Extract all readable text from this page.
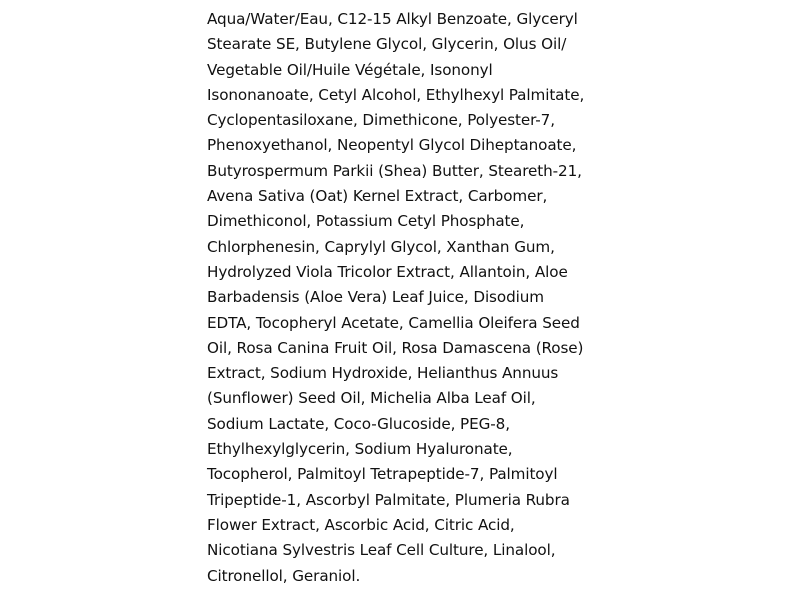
Aqua/Water/Eau, C12-15 Alkyl Benzoate, Glyceryl
Stearate SE, Butylene Glycol, Glycerin, Olus Oil/
Vegetable Oil/Huile Végétale, Isononyl
Isononanoate, Cetyl Alcohol, Ethylhexyl Palmitate,
Cyclopentasiloxane, Dimethicone, Polyester-7,
Phenoxyethanol, Neopentyl Glycol Diheptanoate,
Butyrospermum Parkii (Shea) Butter, Steareth-21,
Avena Sativa (Oat) Kernel Extract, Carbomer,
Dimethiconol, Potassium Cetyl Phosphate,
Chlorphenesin, Caprylyl Glycol, Xanthan Gum,
Hydrolyzed Viola Tricolor Extract, Allantoin, Aloe
Barbadensis (Aloe Vera) Leaf Juice, Disodium
EDTA, Tocopheryl Acetate, Camellia Oleifera Seed
Oil, Rosa Canina Fruit Oil, Rosa Damascena (Rose)
Extract, Sodium Hydroxide, Helianthus Annuus
(Sunflower) Seed Oil, Michelia Alba Leaf Oil,
Sodium Lactate, Coco-Glucoside, PEG-8,
Ethylhexylglycerin, Sodium Hyaluronate,
Tocopherol, Palmitoyl Tetrapeptide-7, Palmitoyl
Tripeptide-1, Ascorbyl Palmitate, Plumeria Rubra
Flower Extract, Ascorbic Acid, Citric Acid,
Nicotiana Sylvestris Leaf Cell Culture, Linalool,
Citronellol, Geraniol.
